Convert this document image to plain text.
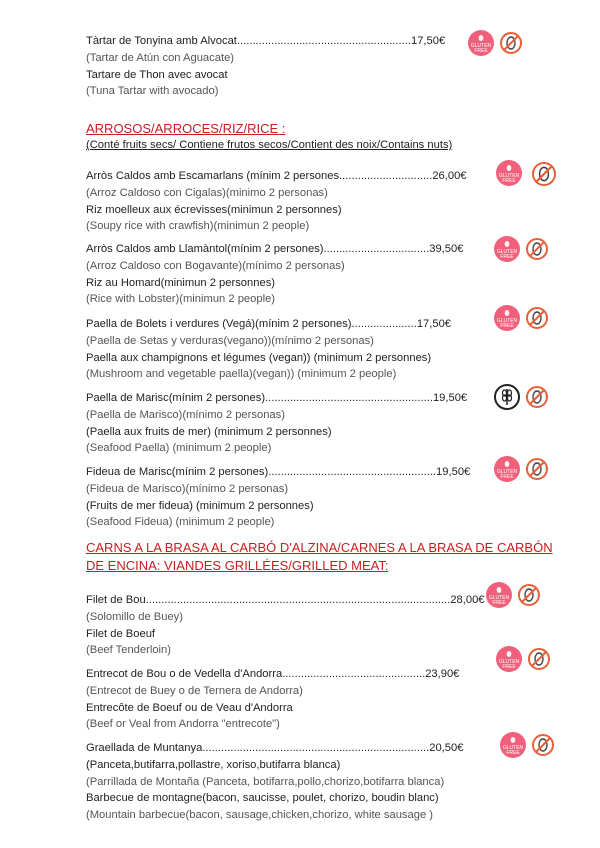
Tàrtar de Tonyina amb Alvocat........................................................17,50€
(Tartar de Atún con Aguacate)
Tartare de Thon avec avocat
(Tuna Tartar with avocado)
GLUTEN
FREE
ARROSOS/ARROCES/RIZ/RICE :
(Conté fruits secs/ Contiene frutos secos/Contient des noix/Contains nuts)
Arròs Caldos amb Escamarlans (mínim 2 persones..............................26,00€
(Arroz Caldoso con Cigalas)(minimo 2 personas)
Riz moelleux aux écrevisses(minimun 2 personnes)
(Soupy rice with crawfish)(minimun 2 people)
GLUTEN
FREE
Arròs Caldos amb Llamàntol(mínim 2 persones)..................................39,50€
(Arroz Caldoso con Bogavante)(mínimo 2 personas)
Riz au Homard(minimun 2 personnes)
(Rice with Lobster)(minimun 2 people)
GLUTEN
FREE
Paella de Bolets i verdures (Vegá)(mínim 2 persones).....................17,50€
(Paella de Setas y verduras(vegano))(mínimo 2 personas)
Paella aux champignons et légumes (vegan)) (minimum 2 personnes)
(Mushroom and vegetable paella)(vegan)) (minimum 2 people)
GLUTEN
FREE
Paella de Marisc(mínim 2 persones)......................................................19,50€
(Paella de Marisco)(mínimo 2 personas)
(Paella aux fruits de mer) (minimum 2 personnes)
(Seafood Paella) (minimum 2 people)
Fideua de Marisc(mínim 2 persones)......................................................19,50€
(Fideua de Marisco)(mínimo 2 personas)
(Fruits de mer fideua) (minimum 2 personnes)
(Seafood Fideua) (minimum 2 people)
GLUTEN
FREE
CARNS A LA BRASA AL CARBÓ D'ALZINA/CARNES A LA BRASA DE CARBÓN
DE ENCINA: VIANDES GRILLÉES/GRILLED MEAT:
Filet de Bou..................................................................................................28,00€
(Solomillo de Buey)
Filet de Boeuf
(Beef Tenderloin)
GLUTEN
FREE
Entrecot de Bou o de Vedella d'Andorra..............................................23,90€
(Entrecot de Buey o de Ternera de Andorra)
Entrecôte de Boeuf ou de Veau d'Andorra
(Beef or Veal from Andorra "entrecote")
GLUTEN
FREE
Graellada de Muntanya.........................................................................20,50€
(Panceta,butifarra,pollastre, xoriso,butifarra blanca)
(Parrillada de Montaña (Panceta, botifarra,pollo,chorizo,botifarra blanca)
Barbecue de montagne(bacon, saucisse, poulet, chorizo, boudin blanc)
(Mountain barbecue(bacon, sausage,chicken,chorizo, white sausage )
GLUTEN
FREE
